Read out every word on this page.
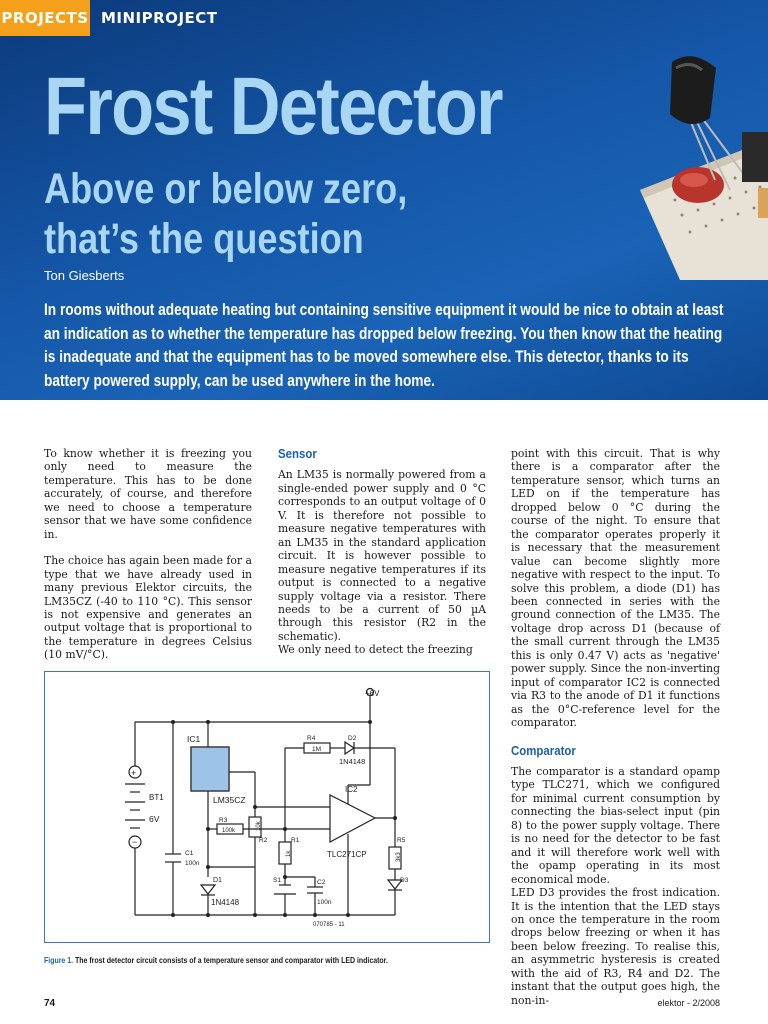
PROJECTS MINIPROJECT
Frost Detector
Above or below zero,
that’s the question
Ton Giesberts
In rooms without adequate heating but containing sensitive equipment it would be nice to obtain at least an indication as to whether the temperature has dropped below freezing. You then know that the heating is inadequate and that the equipment has to be moved somewhere else. This detector, thanks to its battery powered supply, can be used anywhere in the home.

To know whether it is freezing you only need to measure the temperature. This has to be done accurately, of course, and therefore we need to choose a temperature sensor that we have some confidence in.

The choice has again been made for a type that we have already used in many previous Elektor circuits, the LM35CZ (-40 to 110 °C). This sensor is not expensive and generates an output voltage that is proportional to the temperature in degrees Celsius (10 mV/°C).

Sensor

An LM35 is normally powered from a single-ended power supply and 0 °C corresponds to an output voltage of 0 V. It is therefore not possible to measure negative temperatures with an LM35 in the standard application circuit. It is however possible to measure negative temperatures if its output is connected to a negative supply voltage via a resistor. There needs to be a current of 50 µA through this resistor (R2 in the schematic).

We only need to detect the freezing

point with this circuit. That is why there is a comparator after the temperature sensor, which turns an LED on if the temperature has dropped below 0 °C during the course of the night. To ensure that the comparator operates properly it is necessary that the measurement value can become slightly more negative with respect to the input. To solve this problem, a diode (D1) has been connected in series with the ground connection of the LM35. The voltage drop across D1 (because of the small current through the LM35 this is only 0.47 V) acts as 'negative' power supply. Since the non-inverting input of comparator IC2 is connected via R3 to the anode of D1 it functions as the 0°C-reference level for the comparator.

Comparator

The comparator is a standard opamp type TLC271, which we configured for minimal current consumption by connecting the bias-select input (pin 8) to the power supply voltage. There is no need for the detector to be fast and it will therefore work well with the opamp operating in its most economical mode.

LED D3 provides the frost indication. It is the intention that the LED stays on once the temperature in the room drops below freezing or when it has been below freezing. To realise this, an asymmetric hysteresis is created with the aid of R3, R4 and D2. The instant that the output goes high, the non-in-

+
−
+6V
IC1
LM35CZ
BT1
6V
C1
100n
D1
1N4148
R4
1M
D2
1N4148
IC2
TLC271CP
R3
100k
R2
10k
R1
1k
R5
3k3
S1	C2
100n
D3
070785 - 11
Figure 1. The frost detector circuit consists of a temperature sensor and comparator with LED indicator.
74	elektor - 2/2008
